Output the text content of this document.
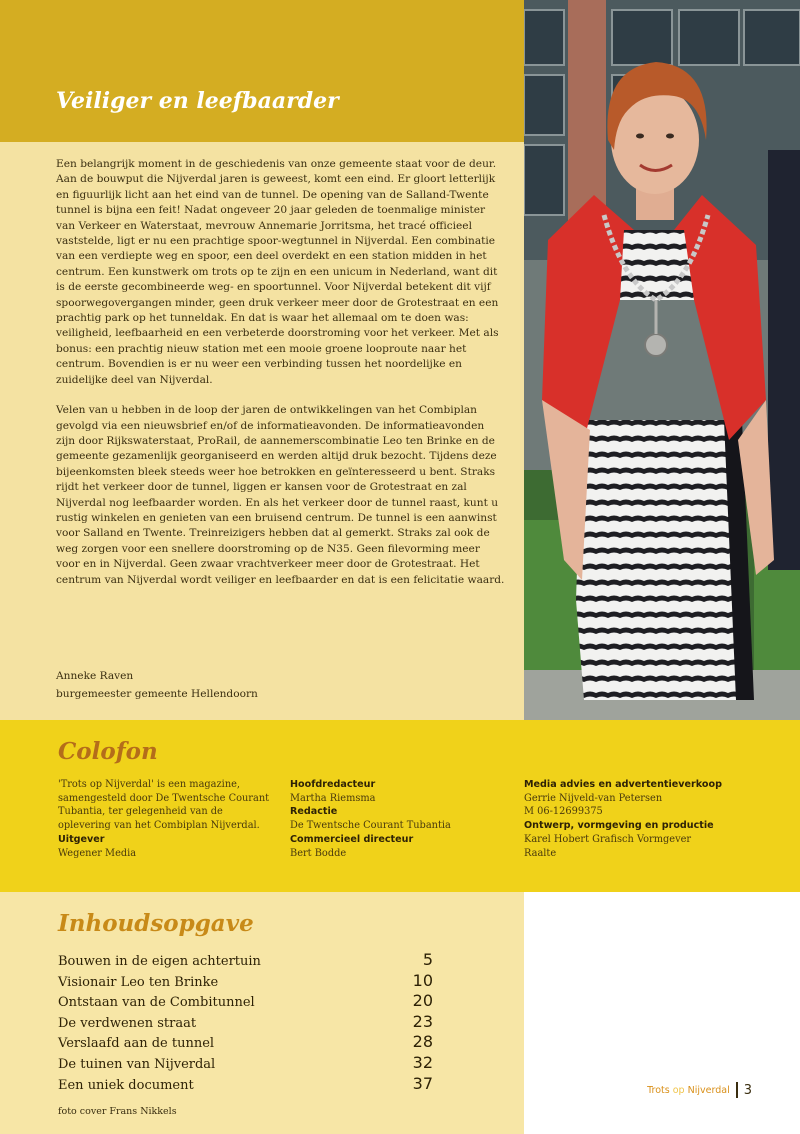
Veiliger en leefbaarder

Een belangrijk moment in de geschiedenis van onze gemeente staat voor de deur. Aan de bouwput die Nijverdal jaren is geweest, komt een eind. Er gloort letterlijk en figuurlijk licht aan het eind van de tunnel. De opening van de Salland-Twente tunnel is bijna een feit! Nadat ongeveer 20 jaar geleden de toenmalige minister van Verkeer en Waterstaat, mevrouw Annemarie Jorritsma, het tracé officieel vaststelde, ligt er nu een prachtige spoor-wegtunnel in Nijverdal. Een combinatie van een verdiepte weg en spoor, een deel overdekt en een station midden in het centrum. Een kunstwerk om trots op te zijn en een unicum in Nederland, want dit is de eerste gecombineerde weg- en spoortunnel. Voor Nijverdal betekent dit vijf spoorwegovergangen minder, geen druk verkeer meer door de Grotestraat en een prachtig park op het tunneldak. En dat is waar het allemaal om te doen was: veiligheid, leefbaarheid en een verbeterde doorstroming voor het verkeer. Met als bonus: een prachtig nieuw station met een mooie groene looproute naar het centrum. Bovendien is er nu weer een verbinding tussen het noordelijke en zuidelijke deel van Nijverdal.

Velen van u hebben in de loop der jaren de ontwikkelingen van het Combiplan gevolgd via een nieuwsbrief en/of de informatieavonden. De informatieavonden zijn door Rijkswaterstaat, ProRail, de aannemerscombinatie Leo ten Brinke en de gemeente gezamenlijk georganiseerd en werden altijd druk bezocht. Tijdens deze bijeenkomsten bleek steeds weer hoe betrokken en geïnteresseerd u bent. Straks rijdt het verkeer door de tunnel, liggen er kansen voor de Grotestraat en zal Nijverdal nog leefbaarder worden. En als het verkeer door de tunnel raast, kunt u rustig winkelen en genieten van een bruisend centrum. De tunnel is een aanwinst voor Salland en Twente. Treinreizigers hebben dat al gemerkt. Straks zal ook de weg zorgen voor een snellere doorstroming op de N35. Geen filevorming meer voor en in Nijverdal. Geen zwaar vrachtverkeer meer door de Grotestraat. Het centrum van Nijverdal wordt veiliger en leefbaarder en dat is een felicitatie waard.

Anneke Raven
burgemeester gemeente Hellendoorn
Colofon
'Trots op Nijverdal' is een magazine, samengesteld door De Twentsche Courant Tubantia, ter gelegenheid van de oplevering van het Combiplan Nijverdal.
Uitgever
Wegener Media
Hoofdredacteur
Martha Riemsma
Redactie
De Twentsche Courant Tubantia
Commercieel directeur
Bert Bodde
Media advies en advertentieverkoop
Gerrie Nijveld-van Petersen
M 06-12699375
Ontwerp, vormgeving en productie
Karel Hobert Grafisch Vormgever
Raalte
Inhoudsopgave
Bouwen in de eigen achtertuin	5
Visionair Leo ten Brinke	10
Ontstaan van de Combitunnel	20
De verdwenen straat	23
Verslaafd aan de tunnel	28
De tuinen van Nijverdal	32
Een uniek document	37
foto cover Frans Nikkels
Trots op Nijverdal 3
